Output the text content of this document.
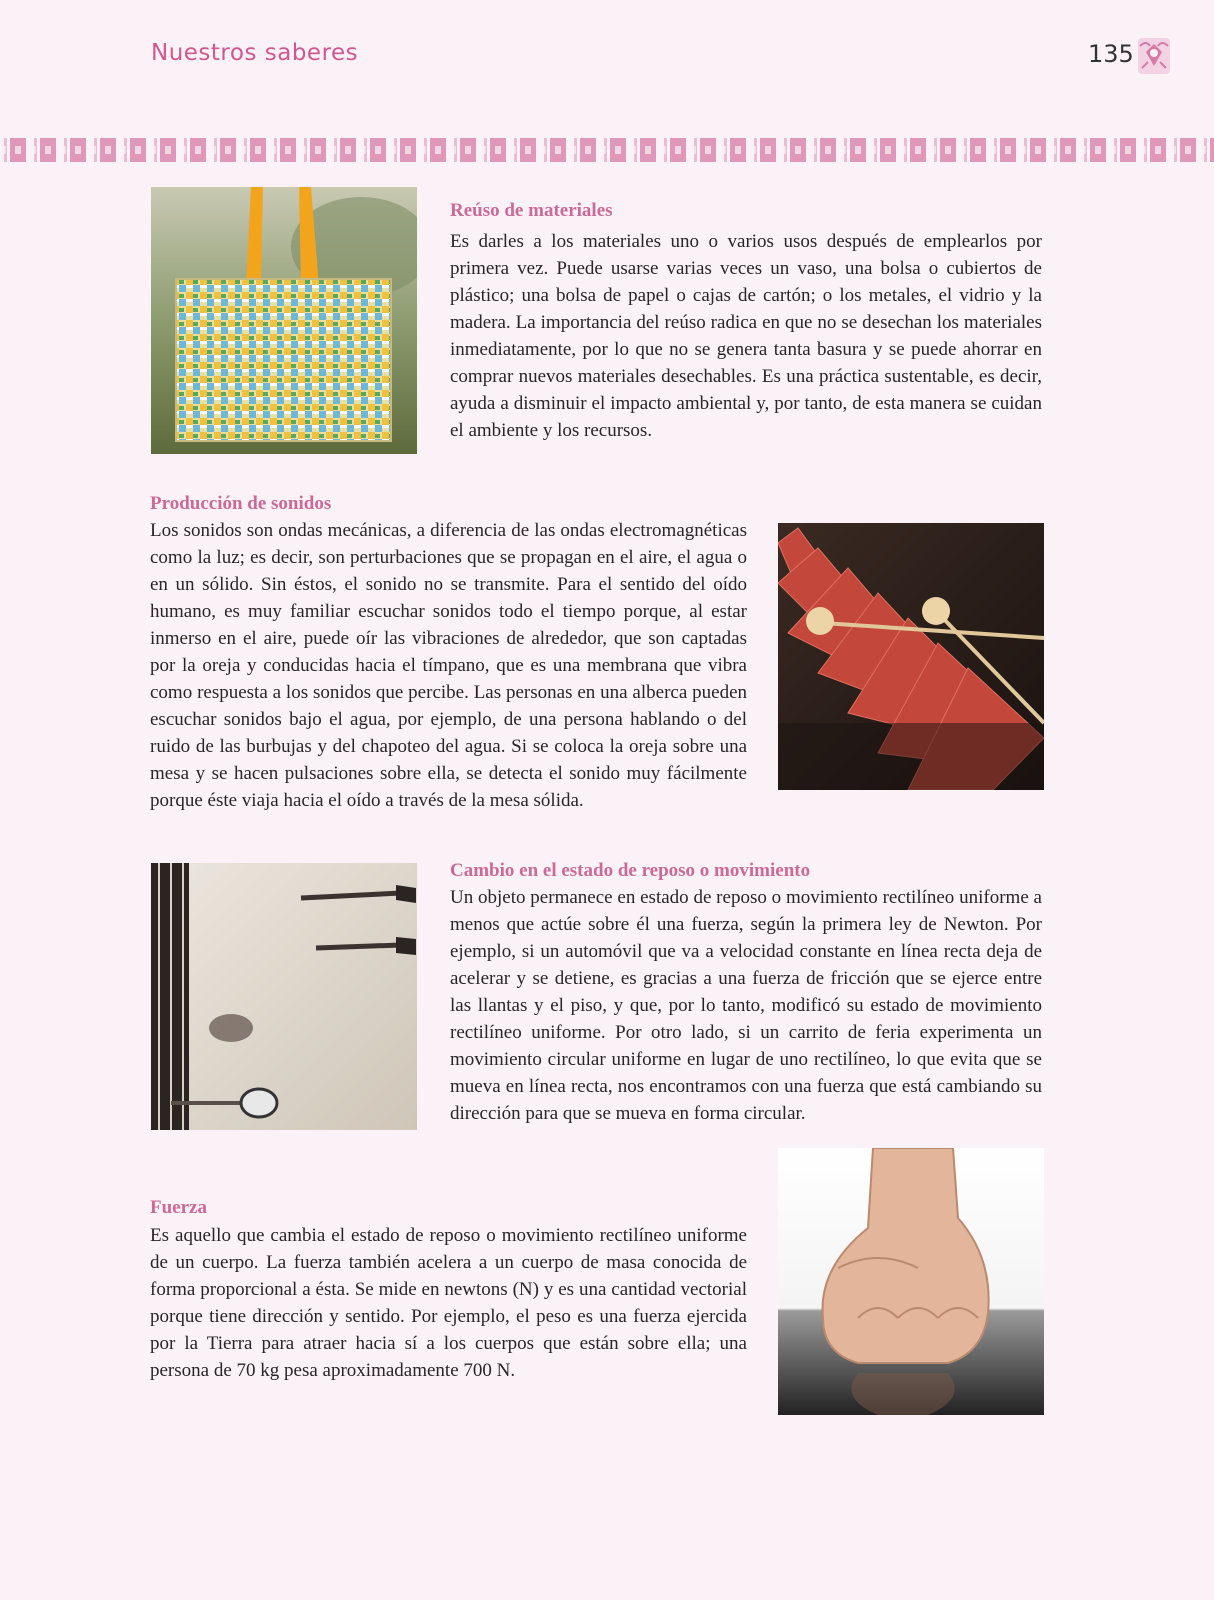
Nuestros saberes	135
Reúso de materiales

Es darles a los materiales uno o varios usos después de emplearlos por primera vez. Puede usarse varias veces un vaso, una bolsa o cubiertos de plástico; una bolsa de papel o cajas de cartón; o los metales, el vidrio y la madera. La importancia del reúso radica en que no se desechan los materiales inmediatamente, por lo que no se genera tanta basura y se puede ahorrar en comprar nuevos materiales desechables. Es una práctica sustentable, es decir, ayuda a disminuir el impacto ambiental y, por tanto, de esta manera se cuidan el ambiente y los recursos.

Producción de sonidos

Los sonidos son ondas mecánicas, a diferencia de las ondas electromagnéticas como la luz; es decir, son perturbaciones que se propagan en el aire, el agua o en un sólido. Sin éstos, el sonido no se transmite. Para el sentido del oído humano, es muy familiar escuchar sonidos todo el tiempo porque, al estar inmerso en el aire, puede oír las vibraciones de alrededor, que son captadas por la oreja y conducidas hacia el tímpano, que es una membrana que vibra como respuesta a los sonidos que percibe. Las personas en una alberca pueden escuchar sonidos bajo el agua, por ejemplo, de una persona hablando o del ruido de las burbujas y del chapoteo del agua. Si se coloca la oreja sobre una mesa y se hacen pulsaciones sobre ella, se detecta el sonido muy fácilmente porque éste viaja hacia el oído a través de la mesa sólida.

Cambio en el estado de reposo o movimiento

Un objeto permanece en estado de reposo o movimiento rectilíneo uniforme a menos que actúe sobre él una fuerza, según la primera ley de Newton. Por ejemplo, si un automóvil que va a velocidad constante en línea recta deja de acelerar y se detiene, es gracias a una fuerza de fricción que se ejerce entre las llantas y el piso, y que, por lo tanto, modificó su estado de movimiento rectilíneo uniforme. Por otro lado, si un carrito de feria experimenta un movimiento circular uniforme en lugar de uno rectilíneo, lo que evita que se mueva en línea recta, nos encontramos con una fuerza que está cambiando su dirección para que se mueva en forma circular.

Fuerza

Es aquello que cambia el estado de reposo o movimiento rectilíneo uniforme de un cuerpo. La fuerza también acelera a un cuerpo de masa conocida de forma proporcional a ésta. Se mide en newtons (N) y es una cantidad vectorial porque tiene dirección y sentido. Por ejemplo, el peso es una fuerza ejercida por la Tierra para atraer hacia sí a los cuerpos que están sobre ella; una persona de 70 kg pesa aproximadamente 700 N.
